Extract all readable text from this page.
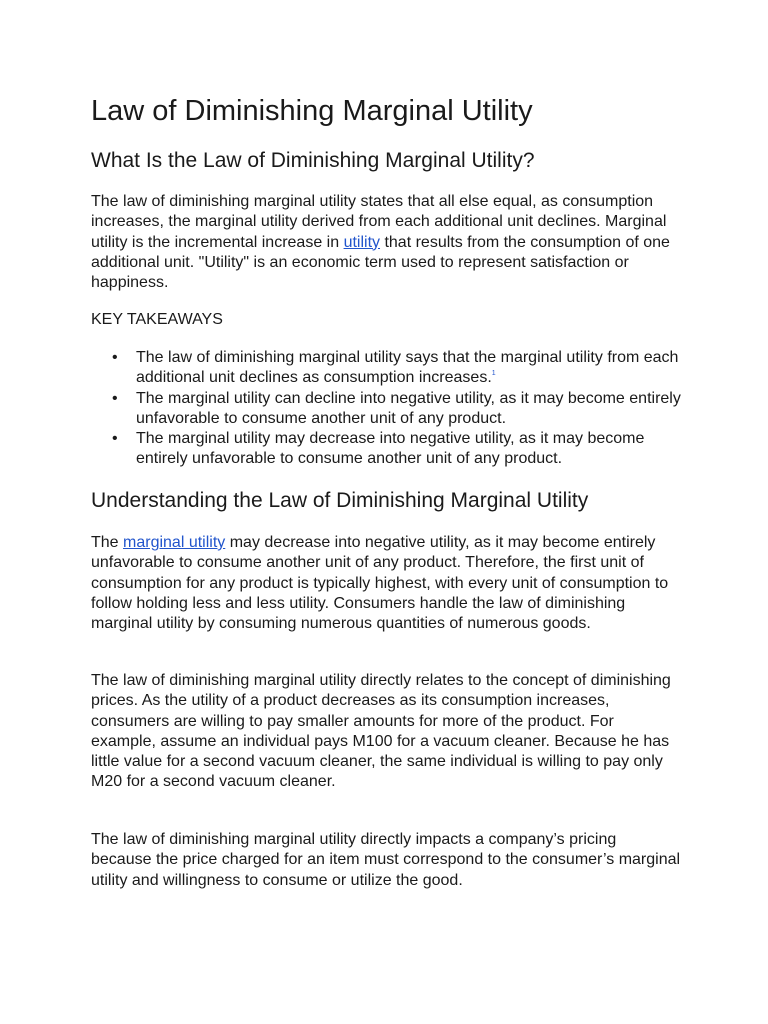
Law of Diminishing Marginal Utility
What Is the Law of Diminishing Marginal Utility?

The law of diminishing marginal utility states that all else equal, as consumption increases, the marginal utility derived from each additional unit declines. Marginal utility is the incremental increase in utility that results from the consumption of one additional unit. "Utility" is an economic term used to represent satisfaction or happiness.

KEY TAKEAWAYS

• The law of diminishing marginal utility says that the marginal utility from each additional unit declines as consumption increases.$^1$
• The marginal utility can decline into negative utility, as it may become entirely unfavorable to consume another unit of any product.
• The marginal utility may decrease into negative utility, as it may become entirely unfavorable to consume another unit of any product.
Understanding the Law of Diminishing Marginal Utility

The marginal utility may decrease into negative utility, as it may become entirely unfavorable to consume another unit of any product. Therefore, the first unit of consumption for any product is typically highest, with every unit of consumption to follow holding less and less utility. Consumers handle the law of diminishing marginal utility by consuming numerous quantities of numerous goods.

The law of diminishing marginal utility directly relates to the concept of diminishing prices. As the utility of a product decreases as its consumption increases, consumers are willing to pay smaller amounts for more of the product. For example, assume an individual pays M100 for a vacuum cleaner. Because he has little value for a second vacuum cleaner, the same individual is willing to pay only M20 for a second vacuum cleaner.

The law of diminishing marginal utility directly impacts a company’s pricing because the price charged for an item must correspond to the consumer’s marginal utility and willingness to consume or utilize the good.
